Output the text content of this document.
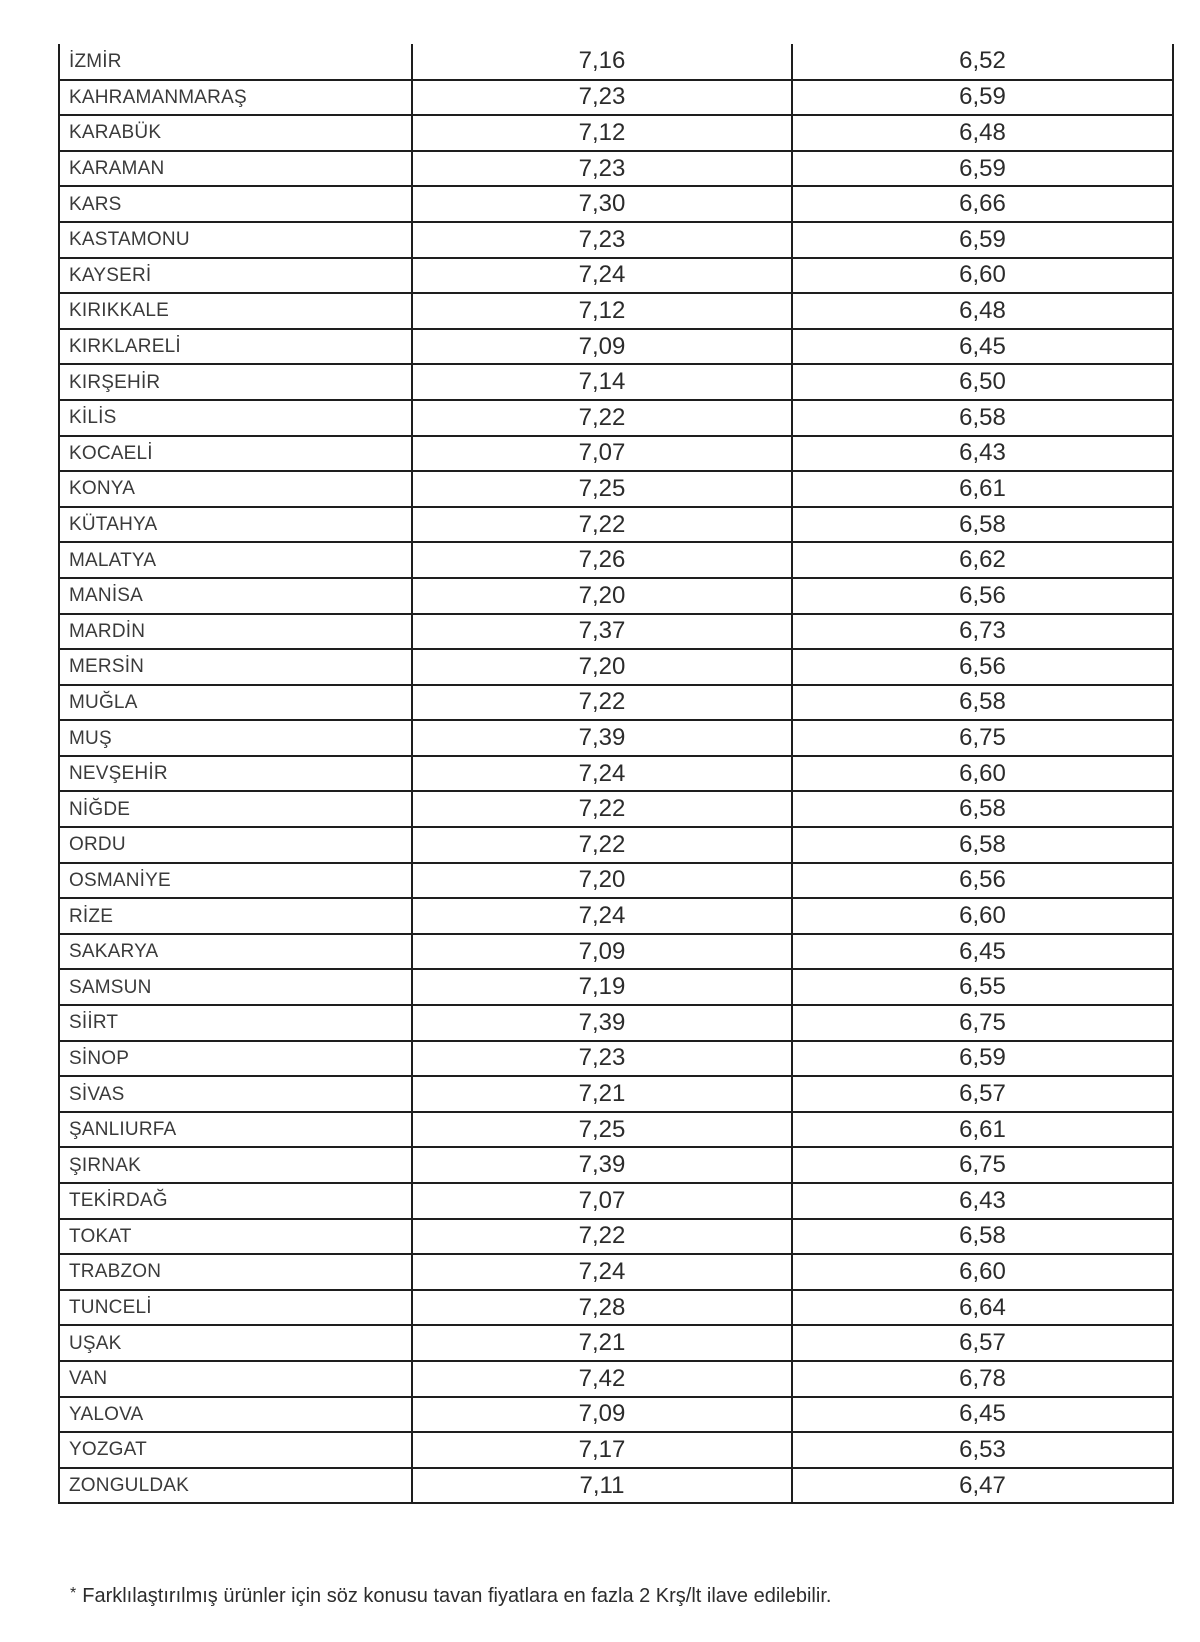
İZMİR	7,16	6,52
KAHRAMANMARAŞ	7,23	6,59
KARABÜK	7,12	6,48
KARAMAN	7,23	6,59
KARS	7,30	6,66
KASTAMONU	7,23	6,59
KAYSERİ	7,24	6,60
KIRIKKALE	7,12	6,48
KIRKLARELİ	7,09	6,45
KIRŞEHİR	7,14	6,50
KİLİS	7,22	6,58
KOCAELİ	7,07	6,43
KONYA	7,25	6,61
KÜTAHYA	7,22	6,58
MALATYA	7,26	6,62
MANİSA	7,20	6,56
MARDİN	7,37	6,73
MERSİN	7,20	6,56
MUĞLA	7,22	6,58
MUŞ	7,39	6,75
NEVŞEHİR	7,24	6,60
NİĞDE	7,22	6,58
ORDU	7,22	6,58
OSMANİYE	7,20	6,56
RİZE	7,24	6,60
SAKARYA	7,09	6,45
SAMSUN	7,19	6,55
SİİRT	7,39	6,75
SİNOP	7,23	6,59
SİVAS	7,21	6,57
ŞANLIURFA	7,25	6,61
ŞIRNAK	7,39	6,75
TEKİRDAĞ	7,07	6,43
TOKAT	7,22	6,58
TRABZON	7,24	6,60
TUNCELİ	7,28	6,64
UŞAK	7,21	6,57
VAN	7,42	6,78
YALOVA	7,09	6,45
YOZGAT	7,17	6,53
ZONGULDAK	7,11	6,47
* Farklılaştırılmış ürünler için söz konusu tavan fiyatlara en fazla 2 Krş/lt ilave edilebilir.
